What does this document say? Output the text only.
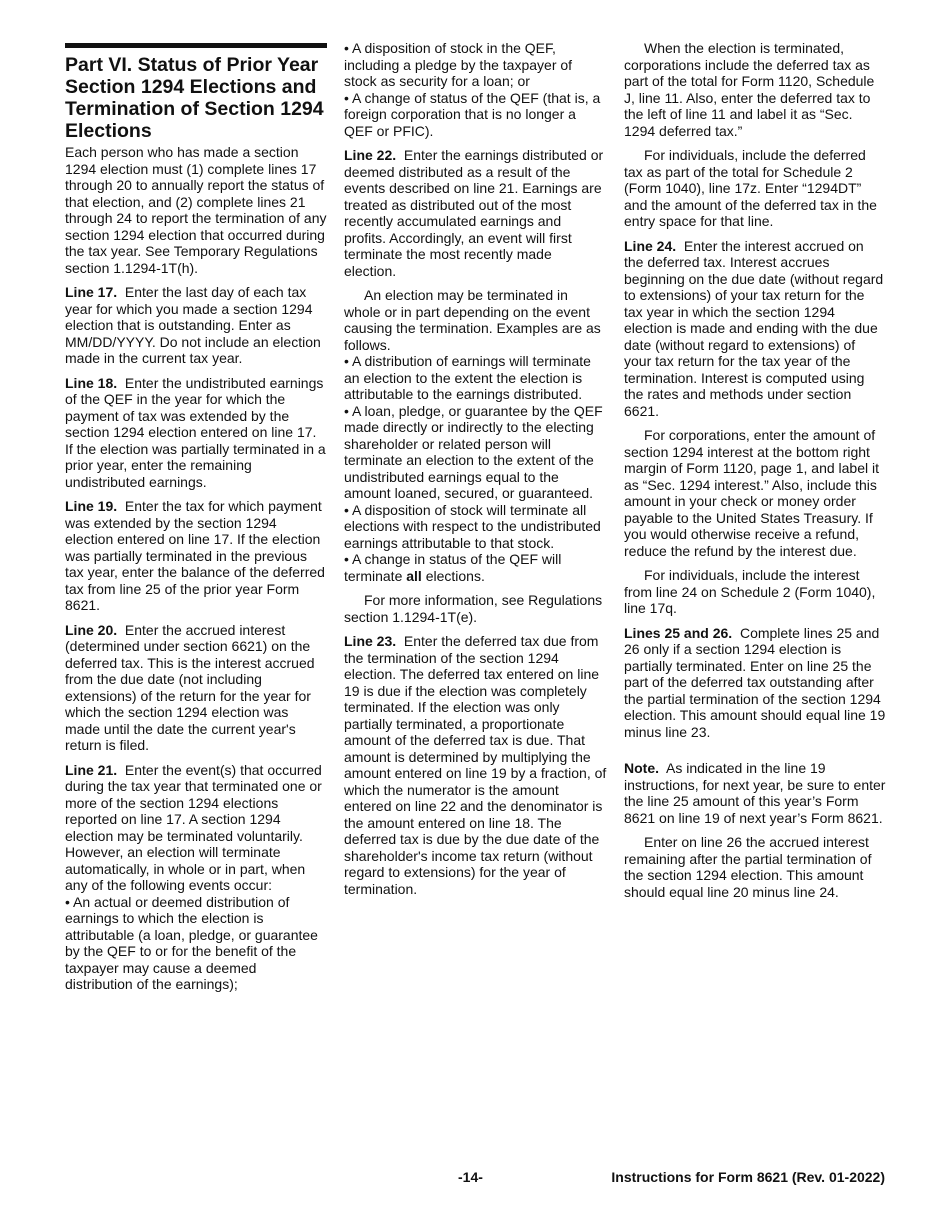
Part VI. Status of Prior Year Section 1294 Elections and Termination of Section 1294 Elections

Each person who has made a section 1294 election must (1) complete lines 17 through 20 to annually report the status of that election, and (2) complete lines 21 through 24 to report the termination of any section 1294 election that occurred during the tax year. See Temporary Regulations section 1.1294-1T(h).

Line 17. Enter the last day of each tax year for which you made a section 1294 election that is outstanding. Enter as MM/DD/YYYY. Do not include an election made in the current tax year.

Line 18. Enter the undistributed earnings of the QEF in the year for which the payment of tax was extended by the section 1294 election entered on line 17. If the election was partially terminated in a prior year, enter the remaining undistributed earnings.

Line 19. Enter the tax for which payment was extended by the section 1294 election entered on line 17. If the election was partially terminated in the previous tax year, enter the balance of the deferred tax from line 25 of the prior year Form 8621.

Line 20. Enter the accrued interest (determined under section 6621) on the deferred tax. This is the interest accrued from the due date (not including extensions) of the return for the year for which the section 1294 election was made until the date the current year's return is filed.

Line 21. Enter the event(s) that occurred during the tax year that terminated one or more of the section 1294 elections reported on line 17. A section 1294 election may be terminated voluntarily. However, an election will terminate automatically, in whole or in part, when any of the following events occur:

• An actual or deemed distribution of earnings to which the election is attributable (a loan, pledge, or guarantee by the QEF to or for the benefit of the taxpayer may cause a deemed distribution of the earnings);

• A disposition of stock in the QEF, including a pledge by the taxpayer of stock as security for a loan; or

• A change of status of the QEF (that is, a foreign corporation that is no longer a QEF or PFIC).

Line 22. Enter the earnings distributed or deemed distributed as a result of the events described on line 21. Earnings are treated as distributed out of the most recently accumulated earnings and profits. Accordingly, an event will first terminate the most recently made election.

An election may be terminated in whole or in part depending on the event causing the termination. Examples are as follows.

• A distribution of earnings will terminate an election to the extent the election is attributable to the earnings distributed.

• A loan, pledge, or guarantee by the QEF made directly or indirectly to the electing shareholder or related person will terminate an election to the extent of the undistributed earnings equal to the amount loaned, secured, or guaranteed.

• A disposition of stock will terminate all elections with respect to the undistributed earnings attributable to that stock.

• A change in status of the QEF will terminate all elections.

For more information, see Regulations section 1.1294-1T(e).

Line 23. Enter the deferred tax due from the termination of the section 1294 election. The deferred tax entered on line 19 is due if the election was completely terminated. If the election was only partially terminated, a proportionate amount of the deferred tax is due. That amount is determined by multiplying the amount entered on line 19 by a fraction, of which the numerator is the amount entered on line 22 and the denominator is the amount entered on line 18. The deferred tax is due by the due date of the shareholder's income tax return (without regard to extensions) for the year of termination.

When the election is terminated, corporations include the deferred tax as part of the total for Form 1120, Schedule J, line 11. Also, enter the deferred tax to the left of line 11 and label it as “Sec. 1294 deferred tax.”

For individuals, include the deferred tax as part of the total for Schedule 2 (Form 1040), line 17z. Enter “1294DT” and the amount of the deferred tax in the entry space for that line.

Line 24. Enter the interest accrued on the deferred tax. Interest accrues beginning on the due date (without regard to extensions) of your tax return for the tax year in which the section 1294 election is made and ending with the due date (without regard to extensions) of your tax return for the tax year of the termination. Interest is computed using the rates and methods under section 6621.

For corporations, enter the amount of section 1294 interest at the bottom right margin of Form 1120, page 1, and label it as “Sec. 1294 interest.” Also, include this amount in your check or money order payable to the United States Treasury. If you would otherwise receive a refund, reduce the refund by the interest due.

For individuals, include the interest from line 24 on Schedule 2 (Form 1040), line 17q.

Lines 25 and 26. Complete lines 25 and 26 only if a section 1294 election is partially terminated. Enter on line 25 the part of the deferred tax outstanding after the partial termination of the section 1294 election. This amount should equal line 19 minus line 23.

Note. As indicated in the line 19 instructions, for next year, be sure to enter the line 25 amount of this year’s Form 8621 on line 19 of next year’s Form 8621.

Enter on line 26 the accrued interest remaining after the partial termination of the section 1294 election. This amount should equal line 20 minus line 24.

-14-	Instructions for Form 8621 (Rev. 01-2022)
